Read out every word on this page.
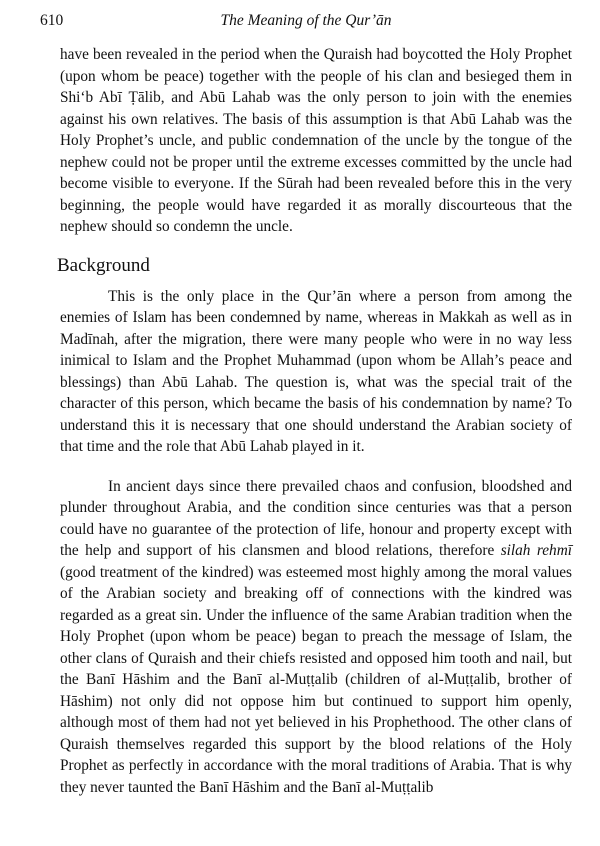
610	The Meaning of the Qur’ān

have been revealed in the period when the Quraish had boycotted the Holy Prophet (upon whom be peace) together with the people of his clan and besieged them in Shi‘b Abī Ṭālib, and Abū Lahab was the only person to join with the enemies against his own relatives. The basis of this assumption is that Abū Lahab was the Holy Prophet’s uncle, and public condemnation of the uncle by the tongue of the nephew could not be proper until the extreme excesses committed by the uncle had become visible to everyone. If the Sūrah had been revealed before this in the very beginning, the people would have regarded it as morally discourteous that the nephew should so condemn the uncle.

Background

This is the only place in the Qur’ān where a person from among the enemies of Islam has been condemned by name, whereas in Makkah as well as in Madīnah, after the migration, there were many people who were in no way less inimical to Islam and the Prophet Muhammad (upon whom be Allah’s peace and blessings) than Abū Lahab. The question is, what was the special trait of the character of this person, which became the basis of his condemnation by name? To understand this it is necessary that one should understand the Arabian society of that time and the role that Abū Lahab played in it.

In ancient days since there prevailed chaos and confusion, bloodshed and plunder throughout Arabia, and the condition since centuries was that a person could have no guarantee of the protection of life, honour and property except with the help and support of his clansmen and blood relations, therefore silah rehmī (good treatment of the kindred) was esteemed most highly among the moral values of the Arabian society and breaking off of connections with the kindred was regarded as a great sin. Under the influence of the same Arabian tradition when the Holy Prophet (upon whom be peace) began to preach the message of Islam, the other clans of Quraish and their chiefs resisted and opposed him tooth and nail, but the Banī Hāshim and the Banī al-Muṭṭalib (children of al-Muṭṭalib, brother of Hāshim) not only did not oppose him but continued to support him openly, although most of them had not yet believed in his Prophethood. The other clans of Quraish themselves regarded this support by the blood relations of the Holy Prophet as perfectly in accordance with the moral traditions of Arabia. That is why they never taunted the Banī Hāshim and the Banī al-Muṭṭalib
